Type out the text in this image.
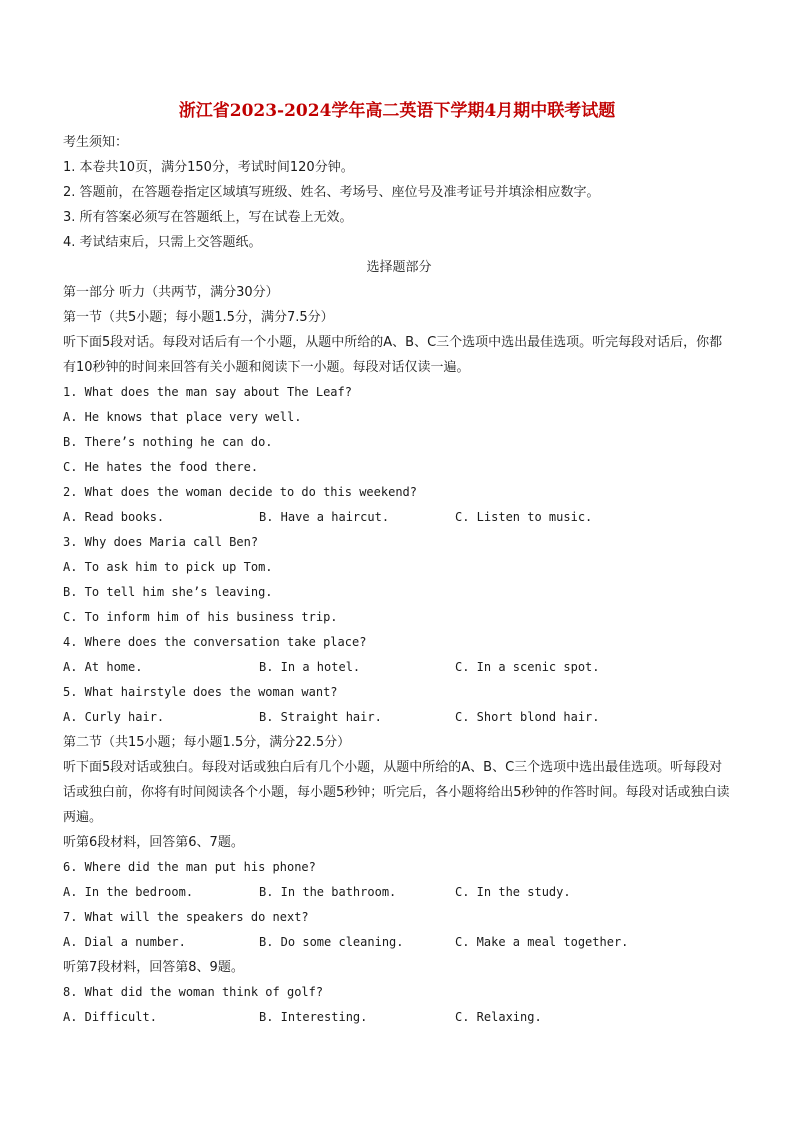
浙江省2023-2024学年高二英语下学期4月期中联考试题
考生须知：
1. 本卷共10页，满分150分，考试时间120分钟。
2. 答题前，在答题卷指定区域填写班级、姓名、考场号、座位号及准考证号并填涂相应数字。
3. 所有答案必须写在答题纸上，写在试卷上无效。
4. 考试结束后，只需上交答题纸。
选择题部分
第一部分 听力（共两节，满分30分）
第一节（共5小题；每小题1.5分，满分7.5分）
听下面5段对话。每段对话后有一个小题，从题中所给的A、B、C三个选项中选出最佳选项。听完每段对话后，你都有10秒钟的时间来回答有关小题和阅读下一小题。每段对话仅读一遍。
1. What does the man say about The Leaf?
A. He knows that place very well.
B. There’s nothing he can do.
C. He hates the food there.
2. What does the woman decide to do this weekend?
A. Read books.	B. Have a haircut.	C. Listen to music.
3. Why does Maria call Ben?
A. To ask him to pick up Tom.
B. To tell him she’s leaving.
C. To inform him of his business trip.
4. Where does the conversation take place?
A. At home.	B. In a hotel.	C. In a scenic spot.
5. What hairstyle does the woman want?
A. Curly hair.	B. Straight hair.	C. Short blond hair.
第二节（共15小题；每小题1.5分，满分22.5分）
听下面5段对话或独白。每段对话或独白后有几个小题，从题中所给的A、B、C三个选项中选出最佳选项。听每段对话或独白前，你将有时间阅读各个小题，每小题5秒钟；听完后，各小题将给出5秒钟的作答时间。每段对话或独白读两遍。
听第6段材料，回答第6、7题。
6. Where did the man put his phone?
A. In the bedroom.	B. In the bathroom.	C. In the study.
7. What will the speakers do next?
A. Dial a number.	B. Do some cleaning.	C. Make a meal together.
听第7段材料，回答第8、9题。
8. What did the woman think of golf?
A. Difficult.	B. Interesting.	C. Relaxing.
